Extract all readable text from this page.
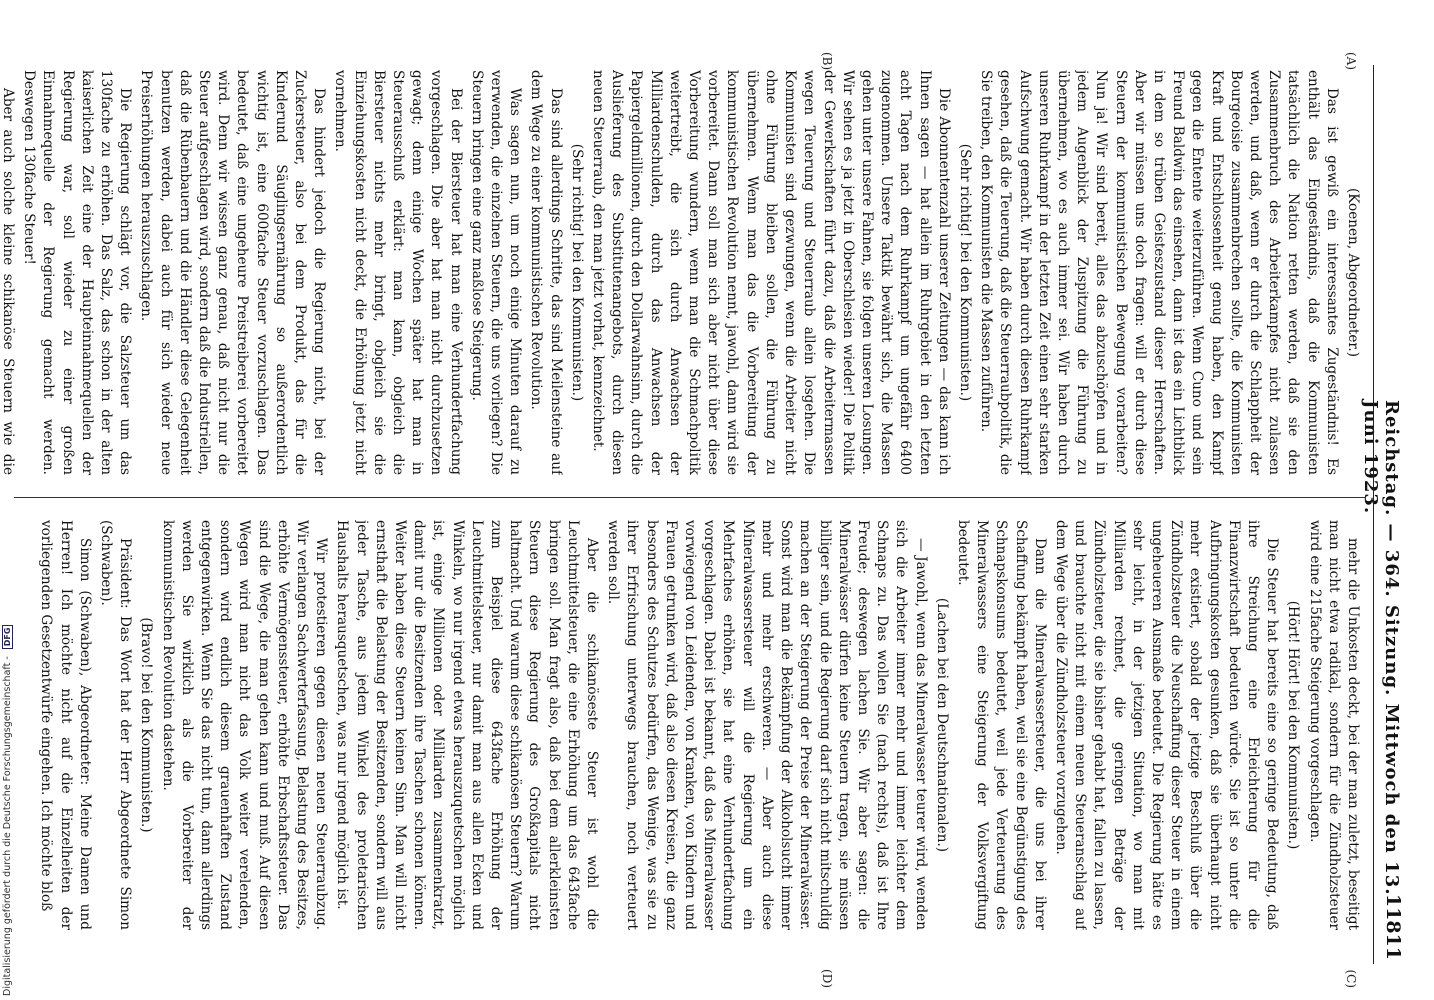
Reichstag. — 364. Sitzung. Mittwoch den 13. Juni 1923.
11811
(A)
(B)
(C)
(D)

(Koenen, Abgeordneter.)

Das ist gewiß ein interessantes Zugeständnis! Es enthält das Eingeständnis, daß die Kommunisten tatsächlich die Nation retten werden, daß sie den Zusammenbruch des Arbeiterkampfes nicht zulassen werden, und daß, wenn er durch die Schlappheit der Bourgeoisie zusammenbrechen sollte, die Kommunisten Kraft und Entschlossenheit genug haben, den Kampf gegen die Entente weiterzuführen. Wenn Cuno und sein Freund Baldwin das einsehen, dann ist das ein Lichtblick in dem so trüben Geisteszustand dieser Herrschaften. Aber wir müssen uns doch fragen: will er durch diese Steuern der kommunistischen Bewegung vorarbeiten? Nun ja! Wir sind bereit, alles das abzuschöpfen und in jedem Augenblick der Zuspitzung die Führung zu übernehmen, wo es auch immer sei. Wir haben durch unseren Ruhrkampf in der letzten Zeit einen sehr starken Aufschwung gemacht. Wir haben durch diesen Ruhrkampf gesehen, daß die Teuerung, daß die Steuerraubpolitik, die Sie treiben, den Kommunisten die Massen zuführen.

(Sehr richtig! bei den Kommunisten.)

Die Abonnentenzahl unserer Zeitungen — das kann ich Ihnen sagen — hat allein im Ruhrgebiet in den letzten acht Tagen nach dem Ruhrkampf um ungefähr 6400 zugenommen. Unsere Taktik bewährt sich, die Massen gehen unter unsere Fahnen, sie folgen unseren Losungen. Wir sehen es ja jetzt in Oberschlesien wieder! Die Politik der Gewerkschaften führt dazu, daß die Arbeitermassen wegen Teuerung und Steuerraub allein losgehen. Die Kommunisten sind gezwungen, wenn die Arbeiter nicht ohne Führung bleiben sollen, die Führung zu übernehmen. Wenn man das die Vorbereitung der kommunistischen Revolution nennt, jawohl, dann wird sie vorbereitet. Dann soll man sich aber nicht über diese Vorbereitung wundern, wenn man die Schmachpolitik weitertreibt, die sich durch Anwachsen der Milliardenschulden, durch das Anwachsen der Papiergeldmillionen, durch den Dollarwahnsinn, durch die Auslieferung des Substitutenangebots, durch diesen neuen Steuerraub, den man jetzt vorhat, kennzeichnet.

(Sehr richtig! bei den Kommunisten.)

Das sind allerdings Schritte, das sind Meilensteine auf dem Wege zu einer kommunistischen Revolution.

Was sagen nun, um noch einige Minuten darauf zu verwenden, die einzelnen Steuern, die uns vorliegen? Die Steuern bringen eine ganz maßlose Steigerung.

Bei der Biersteuer hat man eine Verhundertfachung vorgeschlagen. Die aber hat man nicht durchzusetzen gewagt; denn einige Wochen später hat man in Steuerausschuß erklärt: man kann, obgleich die Biersteuer nichts mehr bringt, obgleich sie die Einziehungskosten nicht deckt, die Erhöhung jetzt nicht vornehmen.

Das hindert jedoch die Regierung nicht, bei der Zuckersteuer, also bei dem Produkt, das für die Kinderund Säuglingsernährung so außerordentlich wichtig ist, eine 600fache Steuer vorzuschlagen. Das bedeutet, daß eine ungeheure Preistreiberei vorbereitet wird. Denn wir wissen ganz genau, daß nicht nur die Steuer aufgeschlagen wird, sondern daß die Industriellen, daß die Rübenbauern und die Händler diese Gelegenheit benutzen werden, dabei auch für sich wieder neue Preiserhöhungen herauszuschlagen.

Die Regierung schlägt vor, die Salzsteuer um das 130fache zu erhöhen. Das Salz, das schon in der alten kaiserlichen Zeit eine der Haupteinnahmequellen der Regierung war, soll wieder zu einer großen Einnahmequelle der Regierung gemacht werden. Deswegen 130fache Steuer!

Aber auch solche kleine schikanöse Steuern wie die

mehr die Unkosten deckt, bei der man zuletzt, beseitigt man nicht etwa radikal, sondern für die Zündholzsteuer wird eine 215fache Steigerung vorgeschlagen.

(Hört! Hört! bei den Kommunisten.)

Die Steuer hat bereits eine so geringe Bedeutung, daß ihre Streichung eine Erleichterung für die Finanzwirtschaft bedeuten würde. Sie ist so unter die Aufbringungskosten gesunken, daß sie überhaupt nicht mehr existiert, sobald der jetzige Beschluß über die Zündholzsteuer die Neuschaffung dieser Steuer in einem ungeheueren Ausmaße bedeutet. Die Regierung hätte es sehr leicht, in der jetzigen Situation, wo man mit Milliarden rechnet, die geringen Beträge der Zündholzsteuer, die sie bisher gehabt hat, fallen zu lassen, und brauchte nicht mit einem neuen Steueranschlag auf dem Wege über die Zündholzsteuer vorzugehen.

Dann die Mineralwassersteuer, die uns bei ihrer Schaffung bekämpft haben, weil sie eine Begünstigung des Schnapskonsums bedeutet, weil jede Verteuerung des Mineralwassers eine Steigerung der Volksvergiftung bedeutet.

(Lachen bei den Deutschnationalen.)

— Jawohl, wenn das Mineralwasser teurer wird, wenden sich die Arbeiter immer mehr und immer leichter dem Schnaps zu. Das wollen Sie (nach rechts), daß ist Ihre Freude; deswegen lachen Sie. Wir aber sagen: die Mineralwässer dürfen keine Steuern tragen, sie müssen billiger sein, und die Regierung darf sich nicht mitschuldig machen an der Steigerung der Preise der Mineralwässer. Sonst wird man die Bekämpfung der Alkoholsucht immer mehr und mehr erschweren. — Aber auch diese Mineralwassersteuer will die Regierung um ein Mehrfaches erhöhen, sie hat eine Verhundertfachung vorgeschlagen. Dabei ist bekannt, daß das Mineralwasser vorwiegend von Leidenden, von Kranken, von Kindern und Frauen getrunken wird, daß also diesen Kreisen, die ganz besonders des Schutzes bedürfen, das Wenige, was sie zu ihrer Erfrischung unterwegs brauchen, noch verteuert werden soll.

Aber die schikanöseste Steuer ist wohl die Leuchtmittelsteuer, die eine Erhöhung um das 643fache bringen soll. Man fragt also, daß bei dem allerkleinsten Steuern diese Regierung des Großkapitals nicht haltmacht. Und warum diese schikanösen Steuern? Warum zum Beispiel diese 643fache Erhöhung der Leuchtmittelsteuer, nur damit man aus allen Ecken und Winkeln, wo nur irgend etwas herauszuquetschen möglich ist, einige Millionen oder Milliarden zusammenkratzt, damit nur die Besitzenden ihre Taschen schonen können. Weiter haben diese Steuern keinen Sinn. Man will nicht ernsthaft die Belastung der Besitzenden, sondern will aus jeder Tasche, aus jedem Winkel des proletarischen Haushalts herausquetschen, was nur irgend möglich ist.

Wir protestieren gegen diesen neuen Steuerraubzug. Wir verlangen Sachwerterfassung, Belastung des Besitzes, erhöhte Vermögenssteuer, erhöhte Erbschaftssteuer. Das sind die Wege, die man gehen kann und muß. Auf diesen Wegen wird man nicht das Volk weiter verelenden, sondern wird endlich diesem grauenhaften Zustand entgegenwirken. Wenn Sie das nicht tun, dann allerdings werden Sie wirklich als die Vorbereiter der kommunistischen Revolution dastehen.

(Bravo! bei den Kommunisten.)

Präsident: Das Wort hat der Herr Abgeordnete Simon (Schwaben).

Simon (Schwaben), Abgeordneter: Meine Damen und Herren! Ich möchte nicht auf die Einzelheiten der vorliegenden Gesetzentwürfe eingehen. Ich möchte bloß

Digitalisierung gefördert durch die Deutsche Forschungsgemeinschaft - DFG
